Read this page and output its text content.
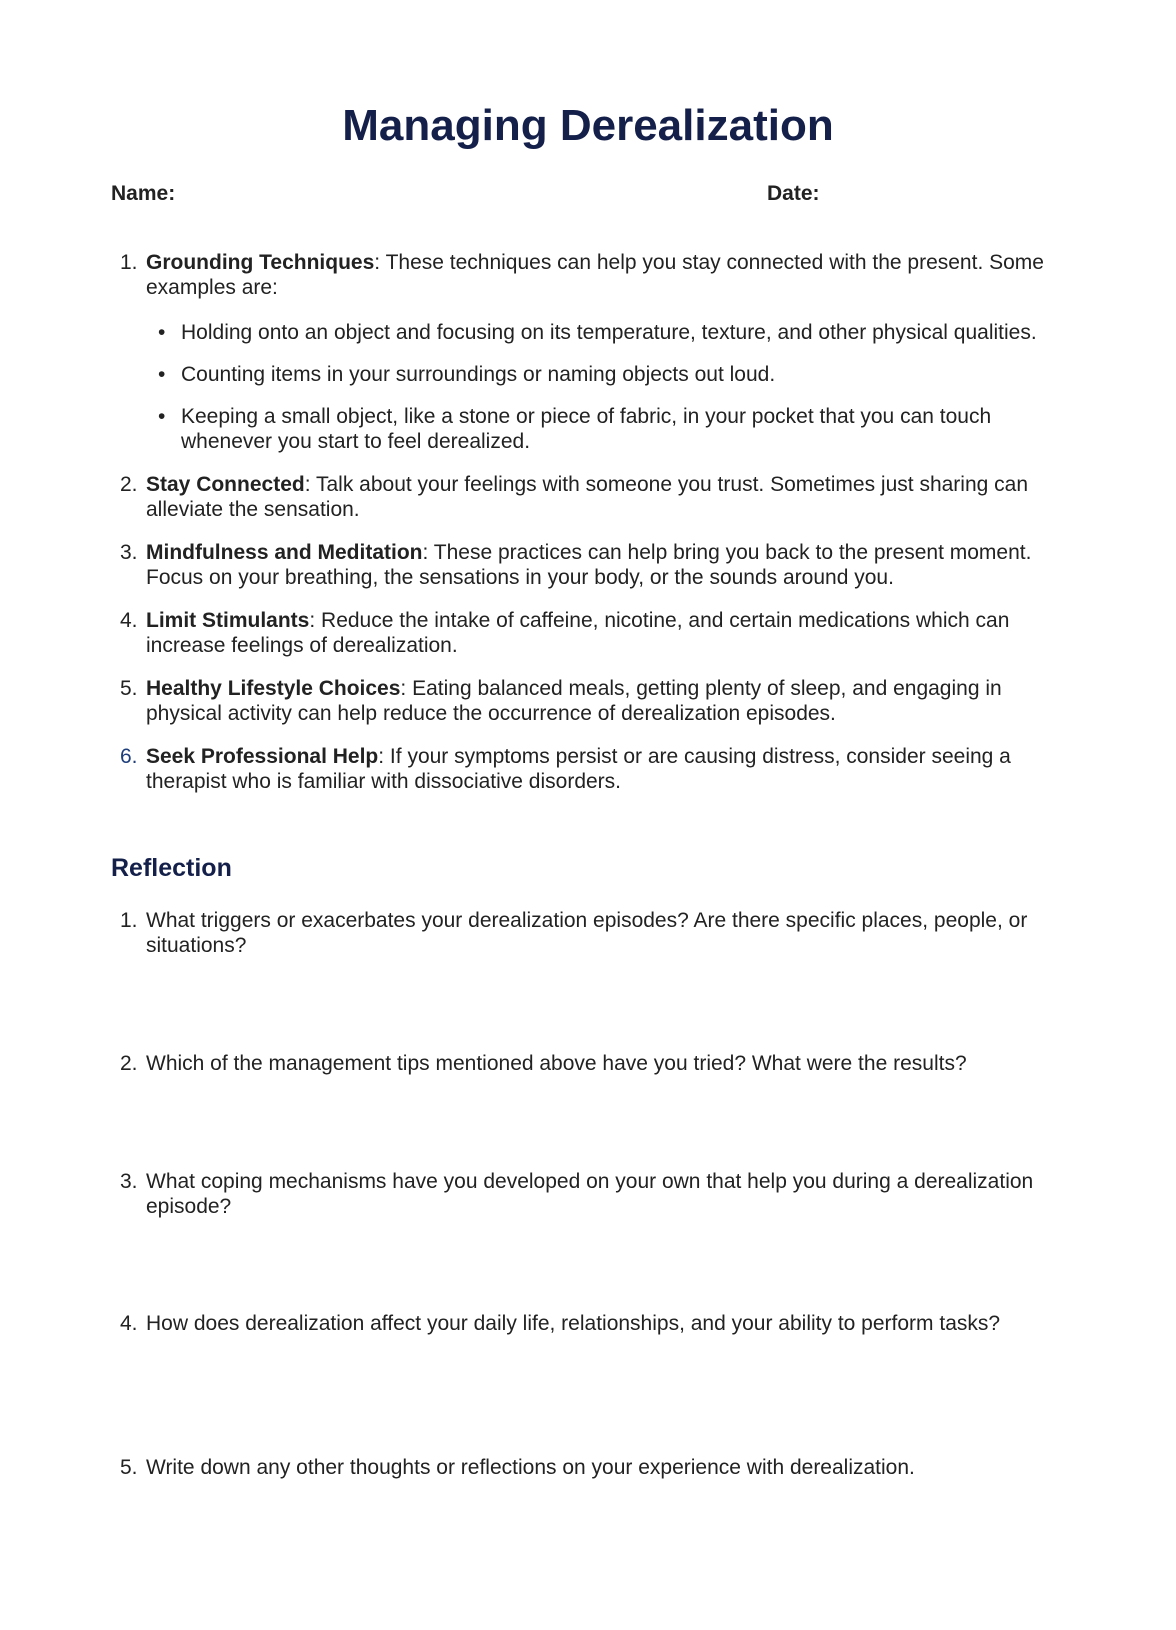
Managing Derealization
Name:	Date:
1. Grounding Techniques: These techniques can help you stay connected with the present. Some examples are:
• Holding onto an object and focusing on its temperature, texture, and other physical qualities.
• Counting items in your surroundings or naming objects out loud.
• Keeping a small object, like a stone or piece of fabric, in your pocket that you can touch whenever you start to feel derealized.
2. Stay Connected: Talk about your feelings with someone you trust. Sometimes just sharing can alleviate the sensation.
3. Mindfulness and Meditation: These practices can help bring you back to the present moment. Focus on your breathing, the sensations in your body, or the sounds around you.
4. Limit Stimulants: Reduce the intake of caffeine, nicotine, and certain medications which can increase feelings of derealization.
5. Healthy Lifestyle Choices: Eating balanced meals, getting plenty of sleep, and engaging in physical activity can help reduce the occurrence of derealization episodes.
6. Seek Professional Help: If your symptoms persist or are causing distress, consider seeing a therapist who is familiar with dissociative disorders.
Reflection
1. What triggers or exacerbates your derealization episodes? Are there specific places, people, or situations?
2. Which of the management tips mentioned above have you tried? What were the results?
3. What coping mechanisms have you developed on your own that help you during a derealization episode?
4. How does derealization affect your daily life, relationships, and your ability to perform tasks?
5. Write down any other thoughts or reflections on your experience with derealization.
